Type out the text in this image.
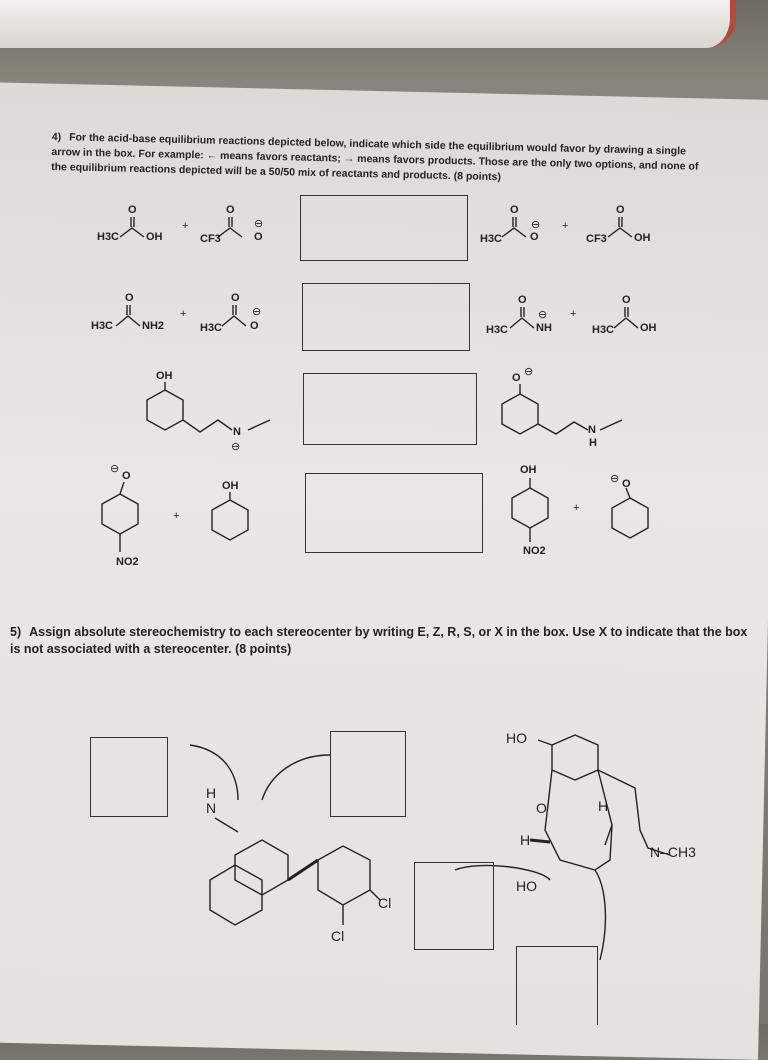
4) For the acid-base equilibrium reactions depicted below, indicate which side the equilibrium would favor by drawing a single arrow in the box. For example: ← means favors reactants; → means favors products. Those are the only two options, and none of the equilibrium reactions depicted will be a 50/50 mix of reactants and products. (8 points)
H3C OH
O
+
CF3	O
O
⊖
H3C	O
O
⊖ +
CF3 OH
O
H3C	NH2
O
+
H3C	O
O
⊖
H3C	NH
O
⊖ +
H3C OH
O
OH
N
⊖
O ⊖
N
H
⊖
O
NO2
+
OH
OH
NO2
+
⊖ O
5) Assign absolute stereochemistry to each stereocenter by writing E, Z, R, S, or X in the box. Use X to indicate that the box is not associated with a stereocenter. (8 points)
H
N
Cl
Cl
HO
O
H
H
N–CH3
HO
